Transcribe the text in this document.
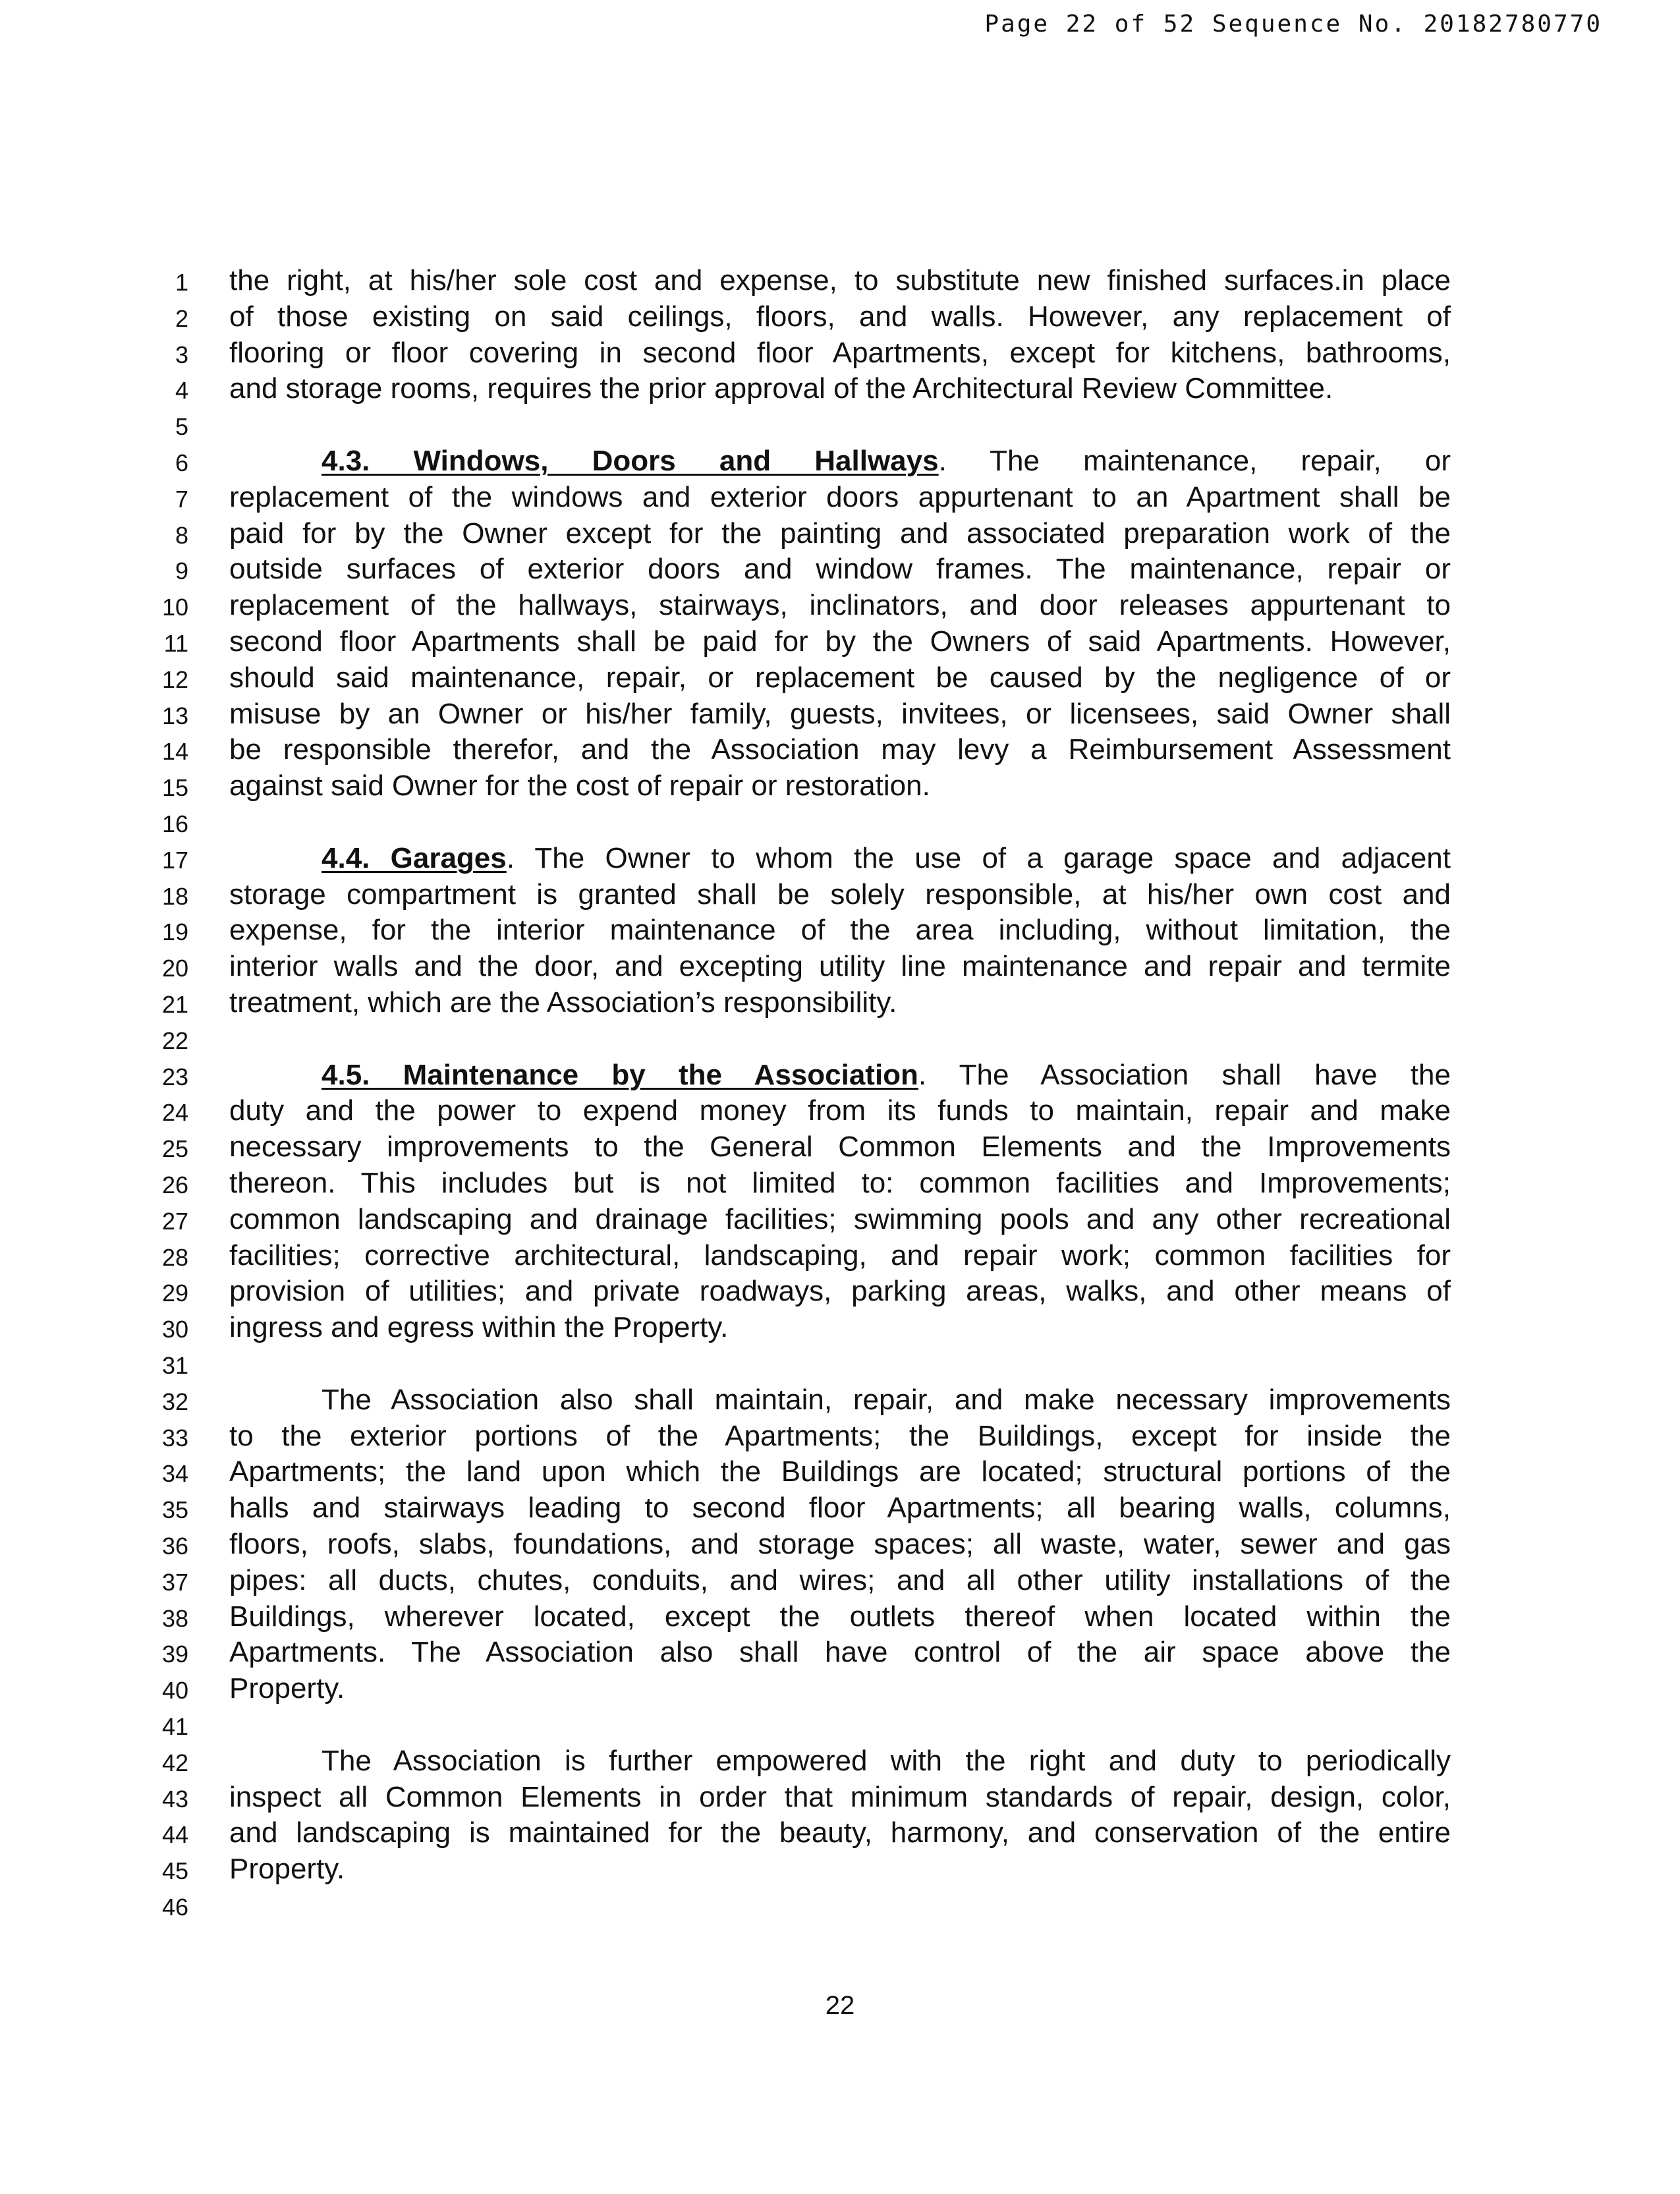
Page 22 of 52 Sequence No. 20182780770
1 the right, at his/her sole cost and expense, to substitute new finished surfaces.in place
2 of those existing on said ceilings, floors, and walls. However, any replacement of
3 flooring or floor covering in second floor Apartments, except for kitchens, bathrooms,
4 and storage rooms, requires the prior approval of the Architectural Review Committee.
5
6	4.3. Windows, Doors and Hallways. The maintenance, repair, or
7 replacement of the windows and exterior doors appurtenant to an Apartment shall be
8 paid for by the Owner except for the painting and associated preparation work of the
9 outside surfaces of exterior doors and window frames. The maintenance, repair or
10 replacement of the hallways, stairways, inclinators, and door releases appurtenant to
11 second floor Apartments shall be paid for by the Owners of said Apartments. However,
12 should said maintenance, repair, or replacement be caused by the negligence of or
13 misuse by an Owner or his/her family, guests, invitees, or licensees, said Owner shall
14 be responsible therefor, and the Association may levy a Reimbursement Assessment
15 against said Owner for the cost of repair or restoration.
16
17	4.4. Garages. The Owner to whom the use of a garage space and adjacent
18 storage compartment is granted shall be solely responsible, at his/her own cost and
19 expense, for the interior maintenance of the area including, without limitation, the
20 interior walls and the door, and excepting utility line maintenance and repair and termite
21 treatment, which are the Association’s responsibility.
22
23	4.5. Maintenance by the Association. The Association shall have the
24 duty and the power to expend money from its funds to maintain, repair and make
25 necessary improvements to the General Common Elements and the Improvements
26 thereon. This includes but is not limited to: common facilities and Improvements;
27 common landscaping and drainage facilities; swimming pools and any other recreational
28 facilities; corrective architectural, landscaping, and repair work; common facilities for
29 provision of utilities; and private roadways, parking areas, walks, and other means of
30 ingress and egress within the Property.
31
32	The Association also shall maintain, repair, and make necessary improvements
33 to the exterior portions of the Apartments; the Buildings, except for inside the
34 Apartments; the land upon which the Buildings are located; structural portions of the
35 halls and stairways leading to second floor Apartments; all bearing walls, columns,
36 floors, roofs, slabs, foundations, and storage spaces; all waste, water, sewer and gas
37 pipes: all ducts, chutes, conduits, and wires; and all other utility installations of the
38 Buildings, wherever located, except the outlets thereof when located within the
39 Apartments. The Association also shall have control of the air space above the
40 Property.
41
42	The Association is further empowered with the right and duty to periodically
43 inspect all Common Elements in order that minimum standards of repair, design, color,
44 and landscaping is maintained for the beauty, harmony, and conservation of the entire
45 Property.
46
22
